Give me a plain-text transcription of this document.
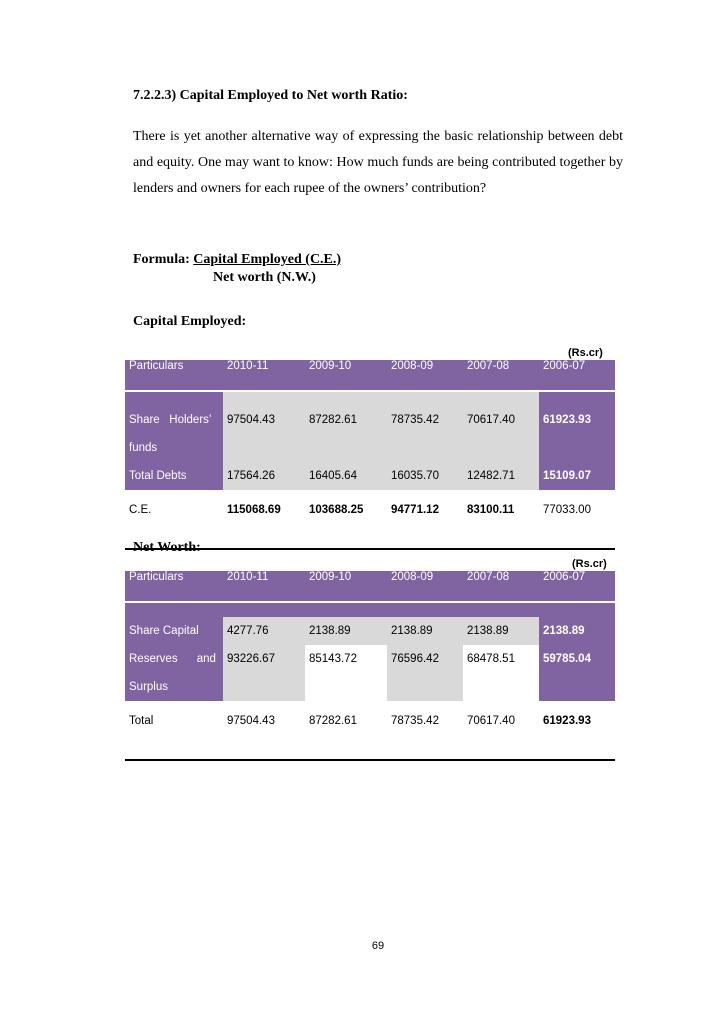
7.2.2.3) Capital Employed to Net worth Ratio:

There is yet another alternative way of expressing the basic relationship between debt and equity. One may want to know: How much funds are being contributed together by lenders and owners for each rupee of the owners’ contribution?

Formula: Capital Employed (C.E.)
Net worth (N.W.)
Capital Employed:
(Rs.cr)
Particulars	2010-11	2009-10	2008-09	2007-08	2006-07

Share   Holders’
funds	97504.43	87282.61	78735.42	70617.40	61923.93
Total Debts	17564.26	16405.64	16035.70	12482.71	15109.07

C.E.	115068.69	103688.25	94771.12	83100.11	77033.00
Net Worth:
(Rs.cr)
Particulars	2010-11	2009-10	2008-09	2007-08	2006-07

Share Capital	4277.76	2138.89	2138.89	2138.89	2138.89
Reserves      and
Surplus	93226.67	85143.72	76596.42	68478.51	59785.04

Total	97504.43	87282.61	78735.42	70617.40	61923.93
69
